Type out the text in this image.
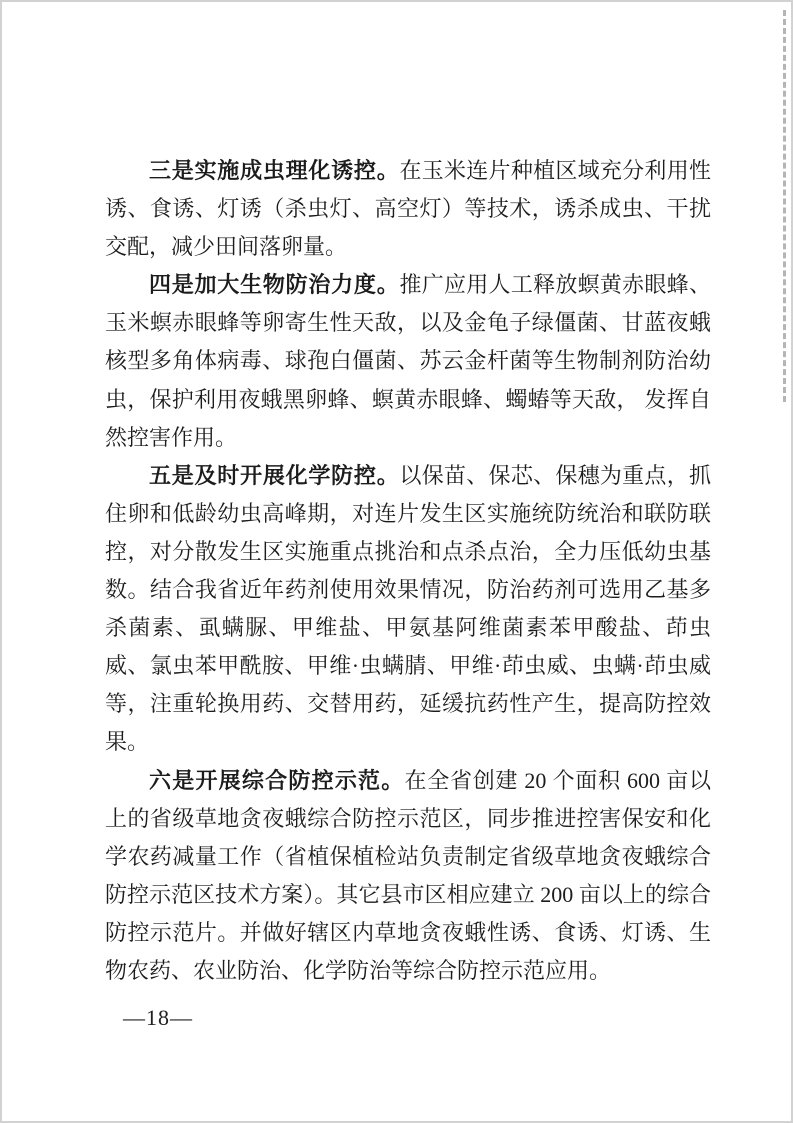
三是实施成虫理化诱控。在玉米连片种植区域充分利用性诱、食诱、灯诱（杀虫灯、高空灯）等技术，诱杀成虫、干扰交配，减少田间落卵量。

四是加大生物防治力度。推广应用人工释放螟黄赤眼蜂、玉米螟赤眼蜂等卵寄生性天敌，以及金龟子绿僵菌、甘蓝夜蛾核型多角体病毒、球孢白僵菌、苏云金杆菌等生物制剂防治幼虫，保护利用夜蛾黑卵蜂、螟黄赤眼蜂、蠋蝽等天敌， 发挥自然控害作用。

五是及时开展化学防控。以保苗、保芯、保穗为重点，抓住卵和低龄幼虫高峰期，对连片发生区实施统防统治和联防联控，对分散发生区实施重点挑治和点杀点治，全力压低幼虫基数。结合我省近年药剂使用效果情况，防治药剂可选用乙基多杀菌素、虱螨脲、甲维盐、甲氨基阿维菌素苯甲酸盐、茚虫威、氯虫苯甲酰胺、甲维·虫螨腈、甲维·茚虫威、虫螨·茚虫威等，注重轮换用药、交替用药，延缓抗药性产生，提高防控效果。

六是开展综合防控示范。在全省创建 20 个面积 600 亩以上的省级草地贪夜蛾综合防控示范区，同步推进控害保安和化学农药减量工作（省植保植检站负责制定省级草地贪夜蛾综合防控示范区技术方案）。其它县市区相应建立 200 亩以上的综合防控示范片。并做好辖区内草地贪夜蛾性诱、食诱、灯诱、生物农药、农业防治、化学防治等综合防控示范应用。

—18—
